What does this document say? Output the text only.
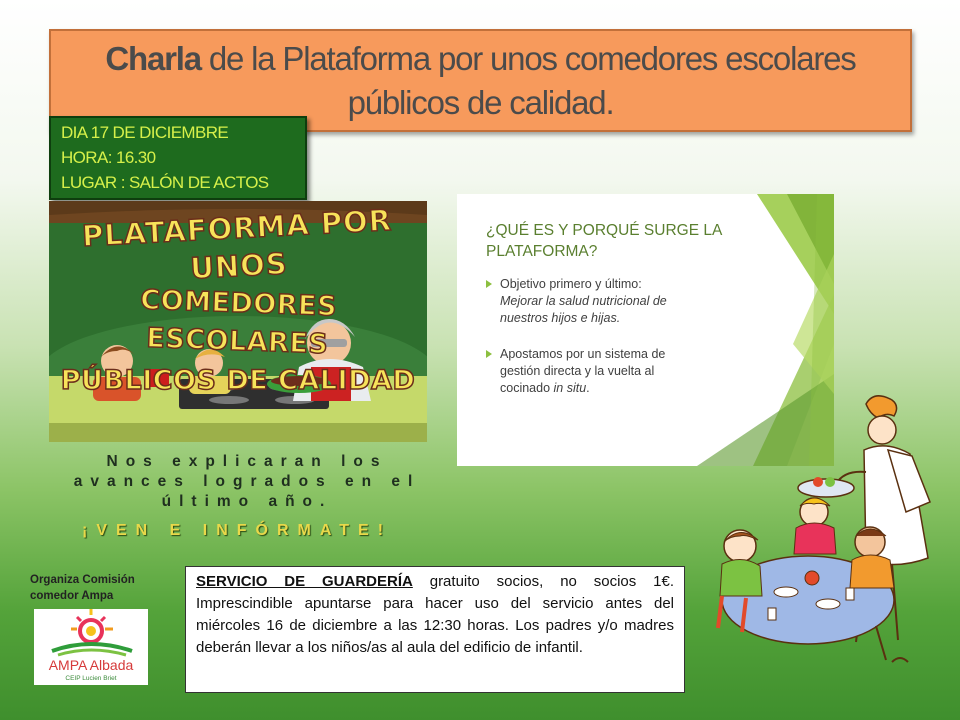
Charla de la Plataforma por unos comedores escolares
públicos de calidad.
DIA 17 DE DICIEMBRE
HORA: 16.30
LUGAR : SALÓN DE ACTOS
PLATAFORMA POR UNOS
COMEDORES ESCOLARES
PÚBLICOS DE CALIDAD
¿QUÉ ES Y PORQUÉ SURGE LA
PLATAFORMA?
Objetivo primero y último:
Mejorar la salud nutricional de
nuestros hijos e hijas.
Apostamos por un sistema de
gestión directa y la vuelta al
cocinado in situ.
Nos explicaran los
avances logrados en el
último año.
¡VEN E INFÓRMATE!
Organiza Comisión
comedor Ampa
AMPA Albada
CEIP Lucien Briet
SERVICIO DE GUARDERÍA gratuito socios, no socios 1€. Imprescindible apuntarse para hacer uso del servicio antes del miércoles 16 de diciembre a las 12:30 horas. Los padres y/o madres deberán llevar a los niños/as al aula del edificio de infantil.
